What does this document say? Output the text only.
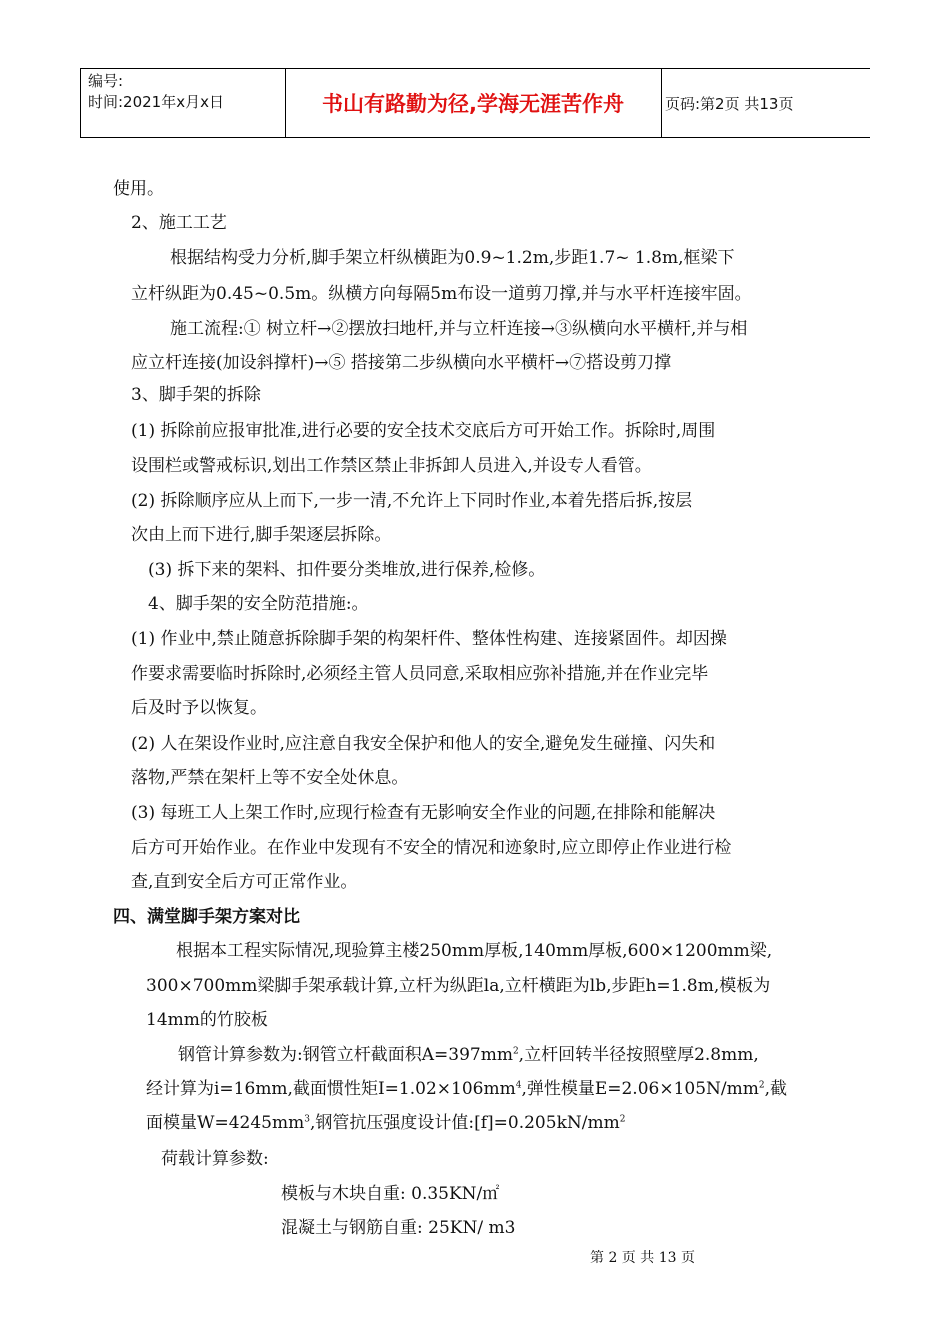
编号:
时间:2021年x月x日	书山有路勤为径,学海无涯苦作舟	页码:第2页 共13页
使用。
2、施工工艺
根据结构受力分析,脚手架立杆纵横距为0.9~1.2m,步距1.7~ 1.8m,框梁下
立杆纵距为0.45~0.5m。纵横方向每隔5m布设一道剪刀撑,并与水平杆连接牢固。
施工流程:① 树立杆→②摆放扫地杆,并与立杆连接→③纵横向水平横杆,并与相
应立杆连接(加设斜撑杆)→⑤ 搭接第二步纵横向水平横杆→⑦搭设剪刀撑
3、脚手架的拆除
(1) 拆除前应报审批准,进行必要的安全技术交底后方可开始工作。拆除时,周围
设围栏或警戒标识,划出工作禁区禁止非拆卸人员进入,并设专人看管。
(2) 拆除顺序应从上而下,一步一清,不允许上下同时作业,本着先搭后拆,按层
次由上而下进行,脚手架逐层拆除。
(3) 拆下来的架料、扣件要分类堆放,进行保养,检修。
4、脚手架的安全防范措施:。
(1) 作业中,禁止随意拆除脚手架的构架杆件、整体性构建、连接紧固件。却因操
作要求需要临时拆除时,必须经主管人员同意,采取相应弥补措施,并在作业完毕
后及时予以恢复。
(2) 人在架设作业时,应注意自我安全保护和他人的安全,避免发生碰撞、闪失和
落物,严禁在架杆上等不安全处休息。
(3) 每班工人上架工作时,应现行检查有无影响安全作业的问题,在排除和能解决
后方可开始作业。在作业中发现有不安全的情况和迹象时,应立即停止作业进行检
查,直到安全后方可正常作业。
四、满堂脚手架方案对比
根据本工程实际情况,现验算主楼250mm厚板,140mm厚板,600×1200mm梁,
300×700mm梁脚手架承载计算,立杆为纵距la,立杆横距为lb,步距h=1.8m,模板为
14mm的竹胶板
钢管计算参数为:钢管立杆截面积$A=397mm^2$,立杆回转半径按照壁厚2.8mm,
经计算为i=16mm,截面惯性矩$I=1.02\times 106mm^4$,弹性模量$E=2.06\times 105N/mm^2$,截
面模量$W=4245mm^3$,钢管抗压强度设计值$:[f]=0.205kN/mm^2$
荷载计算参数:
模板与木块自重: 0.35KN/㎡
混凝土与钢筋自重: 25KN/ m3
第 2 页 共 13 页
